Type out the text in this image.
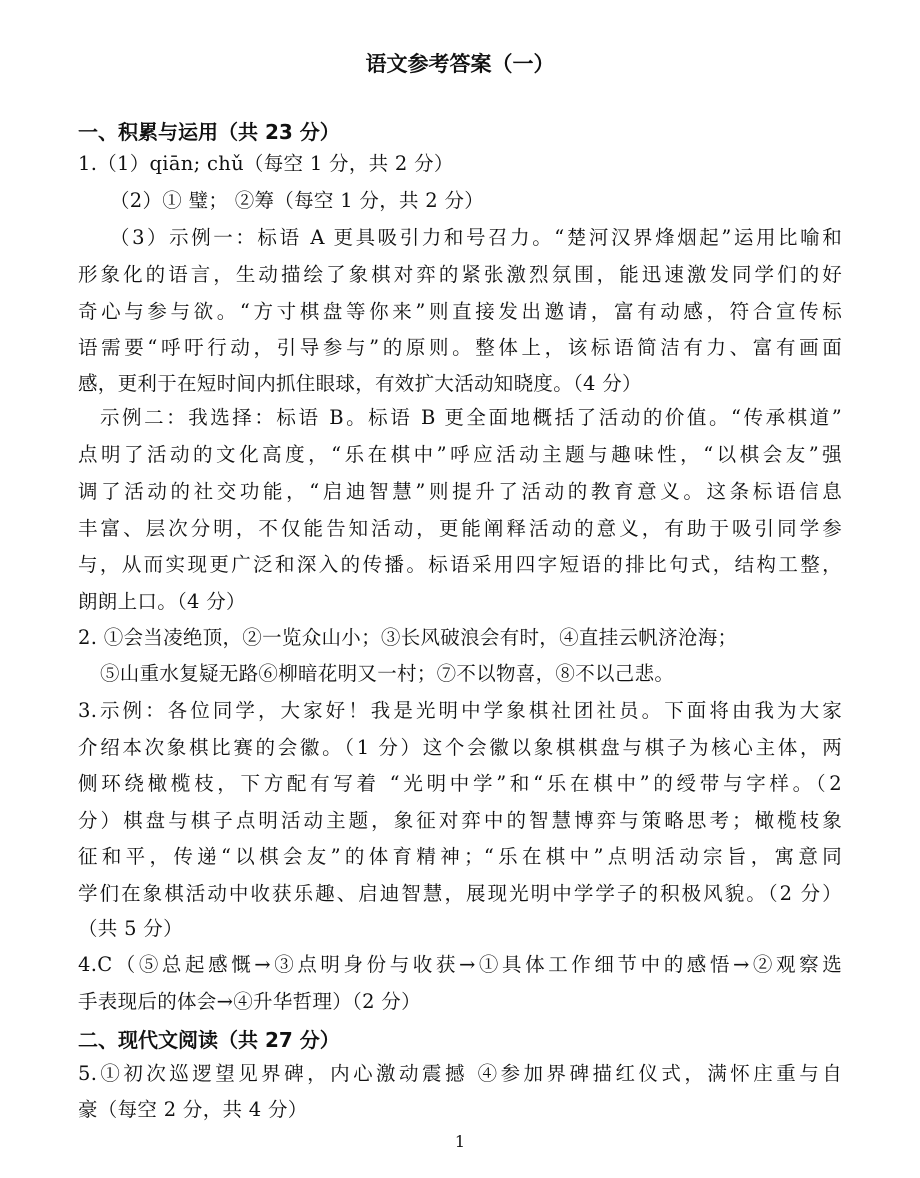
语文参考答案（一）
一、积累与运用（共 23 分）
1.（1）qiān; chǔ（每空 1 分，共 2 分）
（2）① 璧； ②筹（每空 1 分，共 2 分）
（3）示例一：标语 A 更具吸引力和号召力。“楚河汉界烽烟起”运用比喻和
形象化的语言，生动描绘了象棋对弈的紧张激烈氛围，能迅速激发同学们的好
奇心与参与欲。“方寸棋盘等你来”则直接发出邀请，富有动感，符合宣传标
语需要“呼吁行动，引导参与”的原则。整体上，该标语简洁有力、富有画面
感，更利于在短时间内抓住眼球，有效扩大活动知晓度。（4 分）
示例二：我选择：标语 B。标语 B 更全面地概括了活动的价值。“传承棋道”
点明了活动的文化高度，“乐在棋中”呼应活动主题与趣味性，“以棋会友”强
调了活动的社交功能，“启迪智慧”则提升了活动的教育意义。这条标语信息
丰富、层次分明，不仅能告知活动，更能阐释活动的意义，有助于吸引同学参
与，从而实现更广泛和深入的传播。标语采用四字短语的排比句式，结构工整，
朗朗上口。（4 分）
2. ①会当凌绝顶，②一览众山小；③长风破浪会有时，④直挂云帆济沧海；
⑤山重水复疑无路⑥柳暗花明又一村；⑦不以物喜，⑧不以己悲。
3.示例：各位同学，大家好！我是光明中学象棋社团社员。下面将由我为大家
介绍本次象棋比赛的会徽。（1 分）这个会徽以象棋棋盘与棋子为核心主体，两
侧环绕橄榄枝，下方配有写着 “光明中学”和“乐在棋中”的绶带与字样。（2
分）棋盘与棋子点明活动主题，象征对弈中的智慧博弈与策略思考；橄榄枝象
征和平，传递“以棋会友”的体育精神；“乐在棋中”点明活动宗旨，寓意同
学们在象棋活动中收获乐趣、启迪智慧，展现光明中学学子的积极风貌。（2 分）
（共 5 分）
4.C（⑤总起感慨→③点明身份与收获→①具体工作细节中的感悟→②观察选
手表现后的体会→④升华哲理）（2 分）
二、现代文阅读（共 27 分）
5.①初次巡逻望见界碑，内心激动震撼 ④参加界碑描红仪式，满怀庄重与自
豪（每空 2 分，共 4 分）
1
